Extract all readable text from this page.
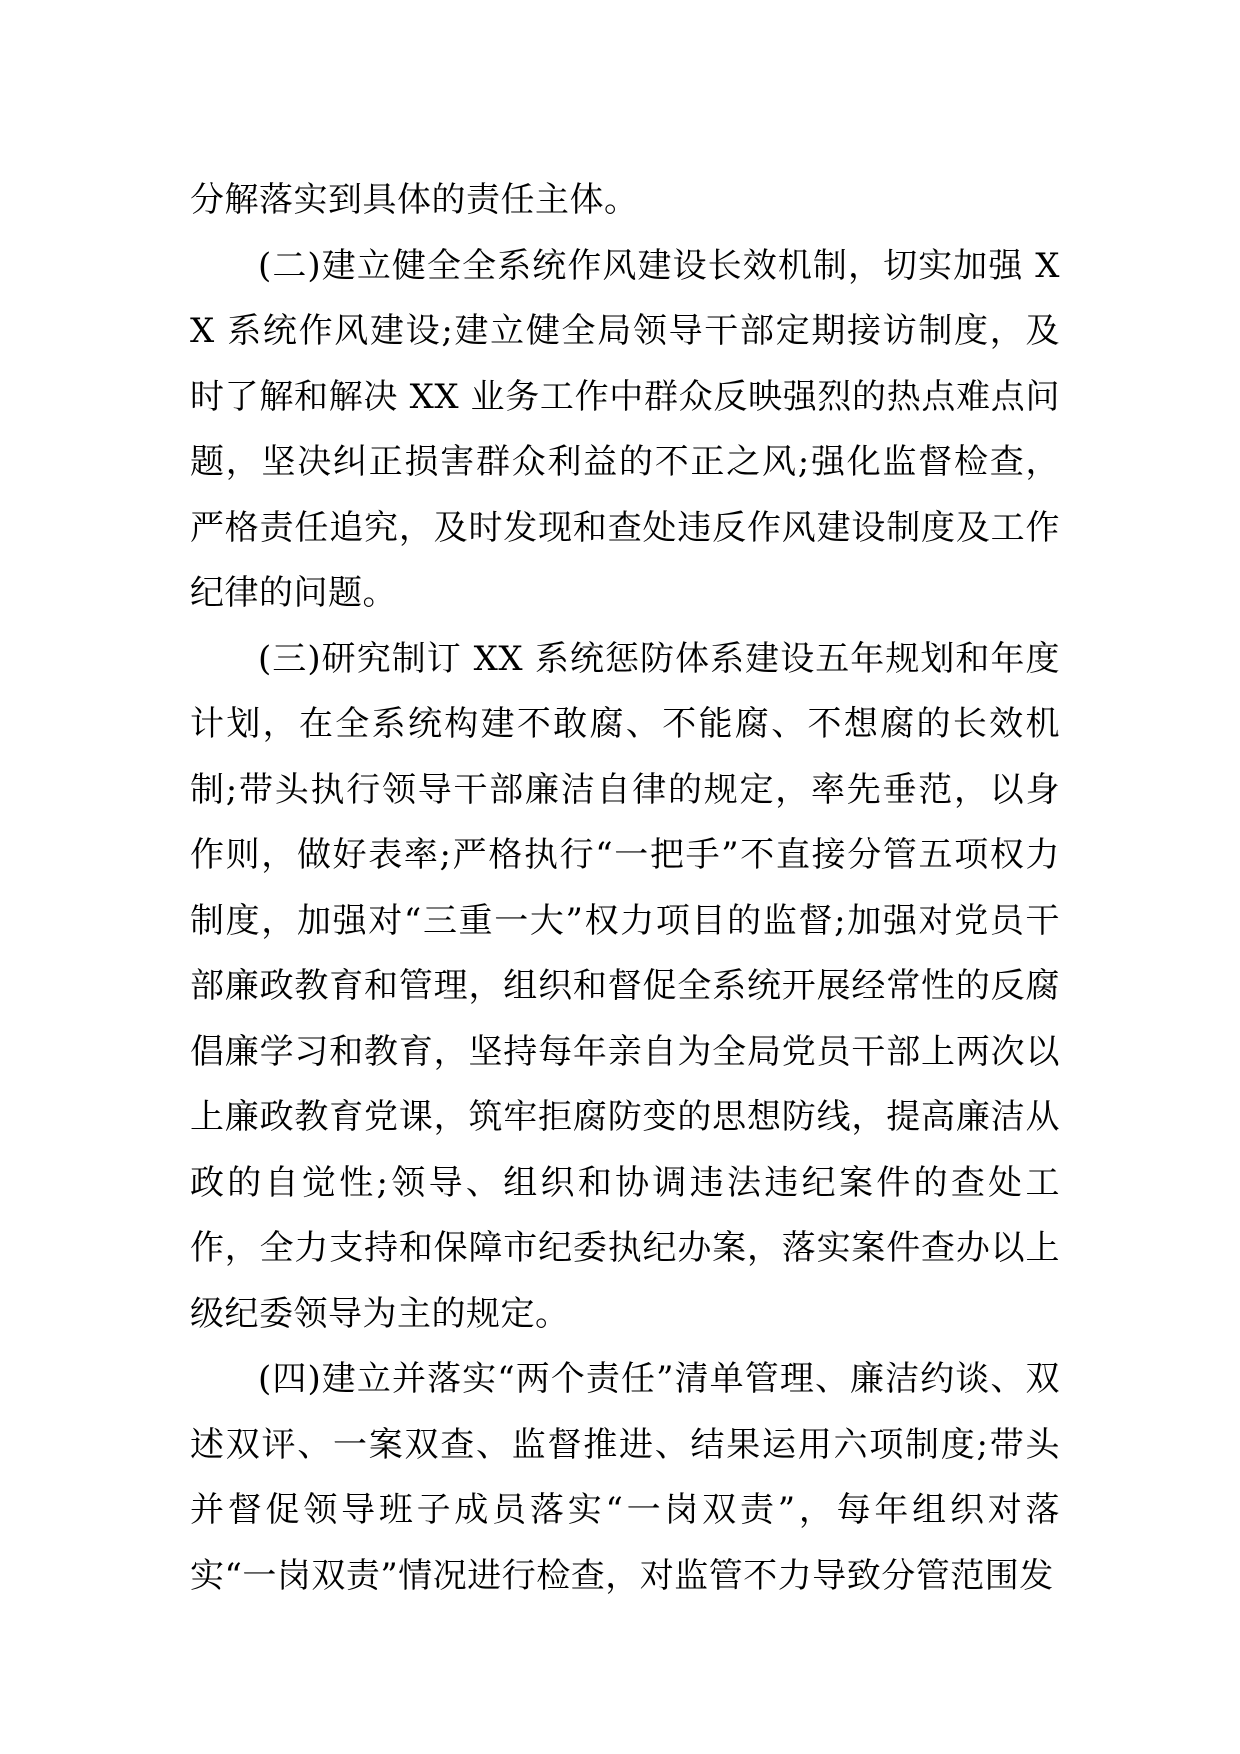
分解落实到具体的责任主体。

(二)建立健全全系统作风建设长效机制，切实加强 XX 系统作风建设;建立健全局领导干部定期接访制度，及时了解和解决 XX 业务工作中群众反映强烈的热点难点问题，坚决纠正损害群众利益的不正之风;强化监督检查，严格责任追究，及时发现和查处违反作风建设制度及工作纪律的问题。

(三)研究制订 XX 系统惩防体系建设五年规划和年度计划，在全系统构建不敢腐、不能腐、不想腐的长效机制;带头执行领导干部廉洁自律的规定，率先垂范，以身作则，做好表率;严格执行“一把手”不直接分管五项权力制度，加强对“三重一大”权力项目的监督;加强对党员干部廉政教育和管理，组织和督促全系统开展经常性的反腐倡廉学习和教育，坚持每年亲自为全局党员干部上两次以上廉政教育党课，筑牢拒腐防变的思想防线，提高廉洁从政的自觉性;领导、组织和协调违法违纪案件的查处工作，全力支持和保障市纪委执纪办案，落实案件查办以上级纪委领导为主的规定。

(四)建立并落实“两个责任”清单管理、廉洁约谈、双述双评、一案双查、监督推进、结果运用六项制度;带头并督促领导班子成员落实“一岗双责”，每年组织对落实“一岗双责”情况进行检查，对监管不力导致分管范围发
